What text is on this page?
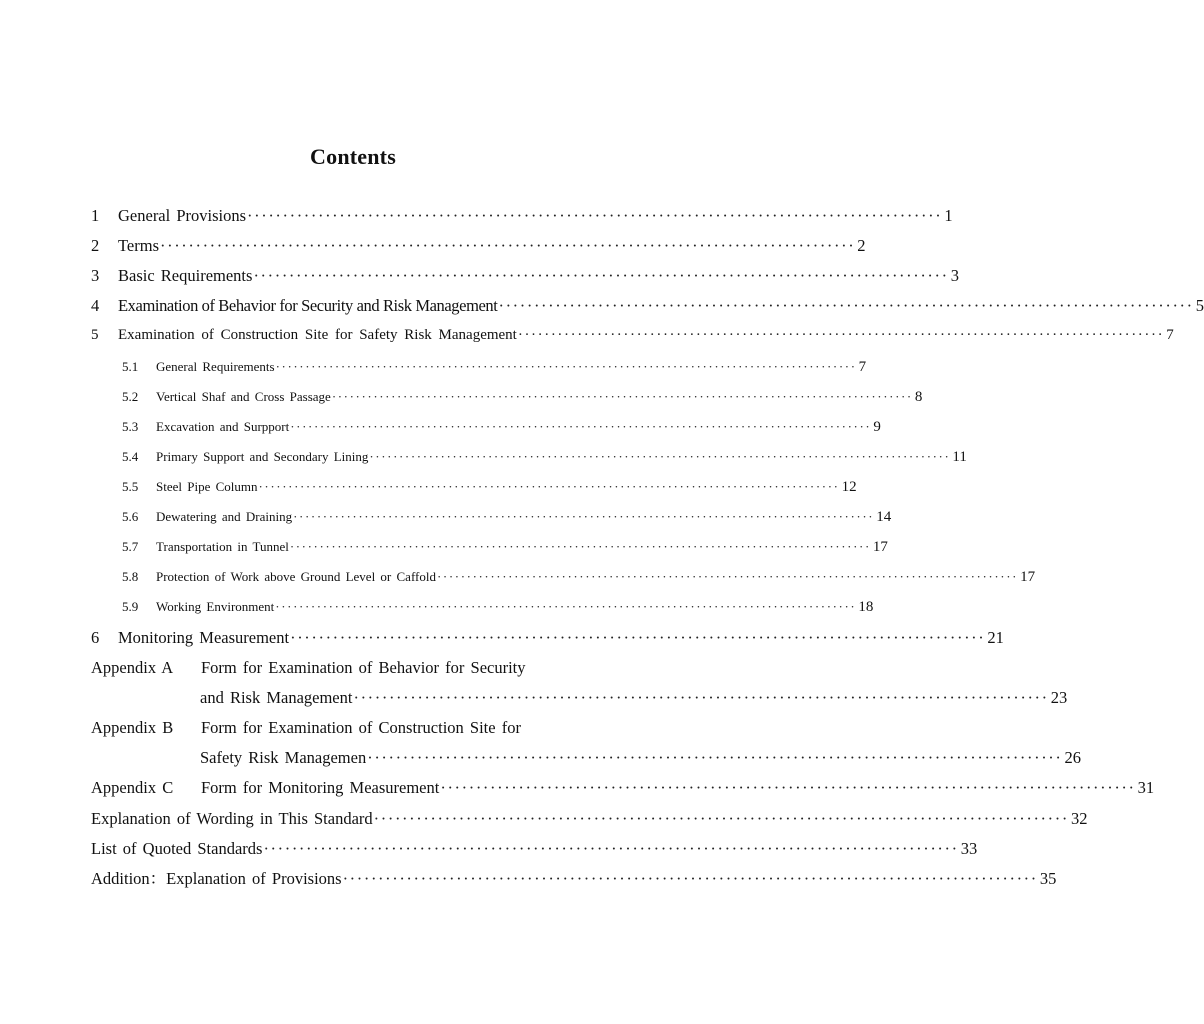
Contents
1	General Provisions ·································································································· 1
2	Terms ·································································································· 2
3	Basic Requirements ·································································································· 3
4	Examination of Behavior for Security and Risk Management ·································································································· 5
5	Examination of Construction Site for Safety Risk Management ·································································································· 7
5.1	General Requirements ·································································································· 7
5.2	Vertical Shaf and Cross Passage ·································································································· 8
5.3	Excavation and Surpport ·································································································· 9
5.4	Primary Support and Secondary Lining ·································································································· 11
5.5	Steel Pipe Column ·································································································· 12
5.6	Dewatering and Draining ·································································································· 14
5.7	Transportation in Tunnel ·································································································· 17
5.8	Protection of Work above Ground Level or Caffold ·································································································· 17
5.9	Working Environment ·································································································· 18
6	Monitoring Measurement ·································································································· 21
Appendix A	Form for Examination of Behavior for Security
and Risk Management ·································································································· 23
Appendix B	Form for Examination of Construction Site for
Safety Risk Managemen ·································································································· 26
Appendix C	Form for Monitoring Measurement ·································································································· 31
Explanation of Wording in This Standard ·································································································· 32
List of Quoted Standards ·································································································· 33
Addition：Explanation of Provisions ·································································································· 35
